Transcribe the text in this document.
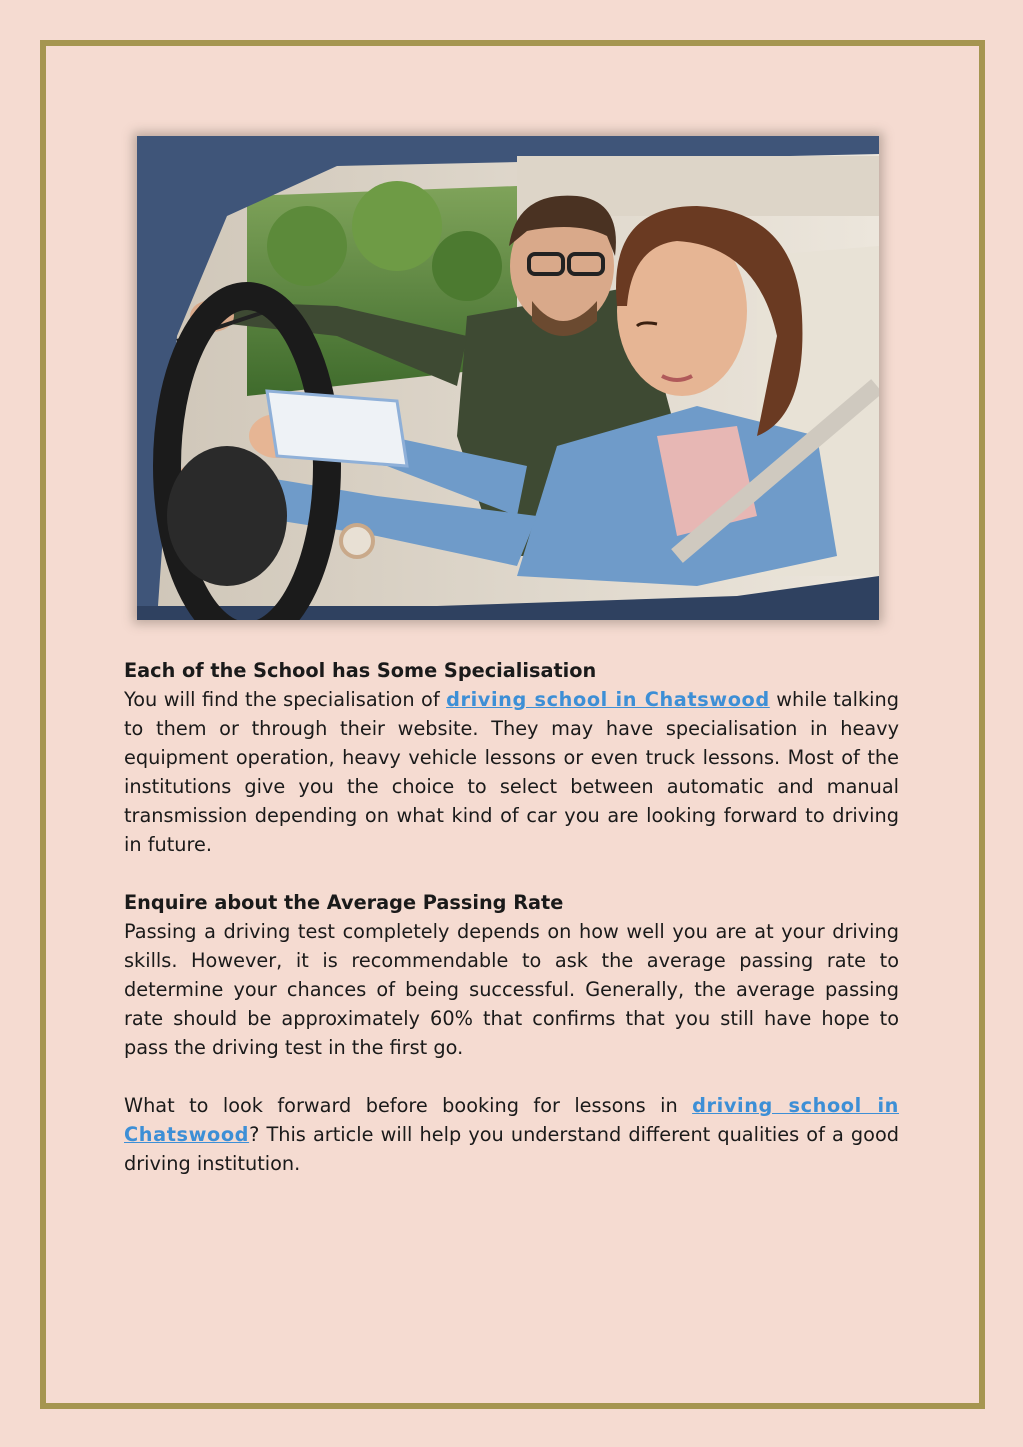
Each of the School has Some Specialisation

You will find the specialisation of driving school in Chatswood while talking to them or through their website. They may have specialisation in heavy equipment operation, heavy vehicle lessons or even truck lessons. Most of the institutions give you the choice to select between automatic and manual transmission depending on what kind of car you are looking forward to driving in future.

Enquire about the Average Passing Rate

Passing a driving test completely depends on how well you are at your driving skills. However, it is recommendable to ask the average passing rate to determine your chances of being successful. Generally, the average passing rate should be approximately 60% that confirms that you still have hope to pass the driving test in the first go.

What to look forward before booking for lessons in driving school in Chatswood? This article will help you understand different qualities of a good driving institution.
